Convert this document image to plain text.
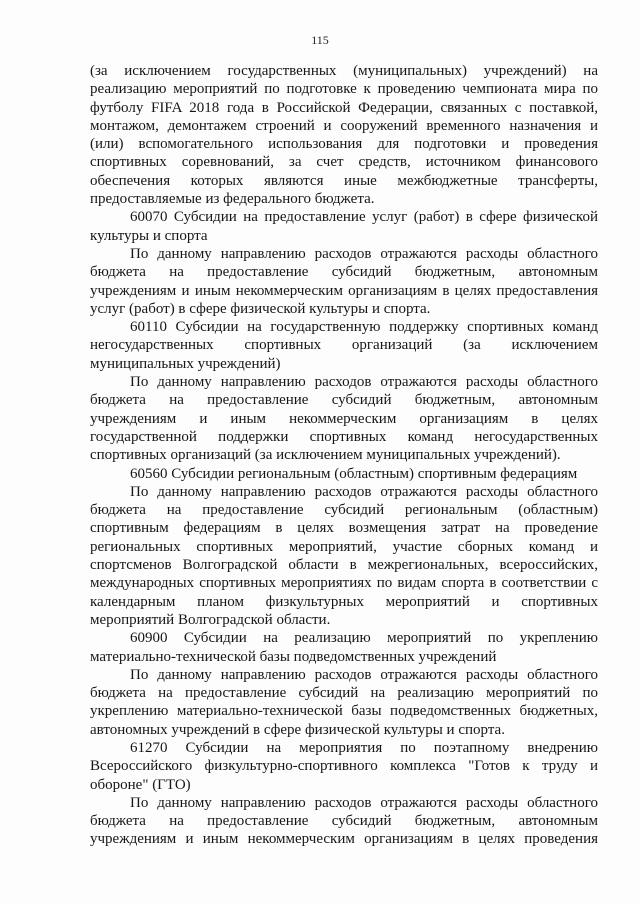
115
(за исключением государственных (муниципальных) учреждений) на
реализацию мероприятий по подготовке к проведению чемпионата мира по
футболу FIFA 2018 года в Российской Федерации, связанных с поставкой,
монтажом, демонтажем строений и сооружений временного назначения и
(или) вспомогательного использования для подготовки и проведения
спортивных соревнований, за счет средств, источником финансового
обеспечения которых являются иные межбюджетные трансферты,
предоставляемые из федерального бюджета.
60070 Субсидии на предоставление услуг (работ) в сфере физической
культуры и спорта
По данному направлению расходов отражаются расходы областного
бюджета на предоставление субсидий бюджетным, автономным
учреждениям и иным некоммерческим организациям в целях предоставления
услуг (работ) в сфере физической культуры и спорта.
60110 Субсидии на государственную поддержку спортивных команд
негосударственных спортивных организаций (за исключением
муниципальных учреждений)
По данному направлению расходов отражаются расходы областного
бюджета на предоставление субсидий бюджетным, автономным
учреждениям и иным некоммерческим организациям в целях
государственной поддержки спортивных команд негосударственных
спортивных организаций (за исключением муниципальных учреждений).
60560 Субсидии региональным (областным) спортивным федерациям
По данному направлению расходов отражаются расходы областного
бюджета на предоставление субсидий региональным (областным)
спортивным федерациям в целях возмещения затрат на проведение
региональных спортивных мероприятий, участие сборных команд и
спортсменов Волгоградской области в межрегиональных, всероссийских,
международных спортивных мероприятиях по видам спорта в соответствии с
календарным планом физкультурных мероприятий и спортивных
мероприятий Волгоградской области.
60900 Субсидии на реализацию мероприятий по укреплению
материально-технической базы подведомственных учреждений
По данному направлению расходов отражаются расходы областного
бюджета на предоставление субсидий на реализацию мероприятий по
укреплению материально-технической базы подведомственных бюджетных,
автономных учреждений в сфере физической культуры и спорта.
61270 Субсидии на мероприятия по поэтапному внедрению
Всероссийского физкультурно-спортивного комплекса "Готов к труду и
обороне" (ГТО)
По данному направлению расходов отражаются расходы областного
бюджета на предоставление субсидий бюджетным, автономным
учреждениям и иным некоммерческим организациям в целях проведения
